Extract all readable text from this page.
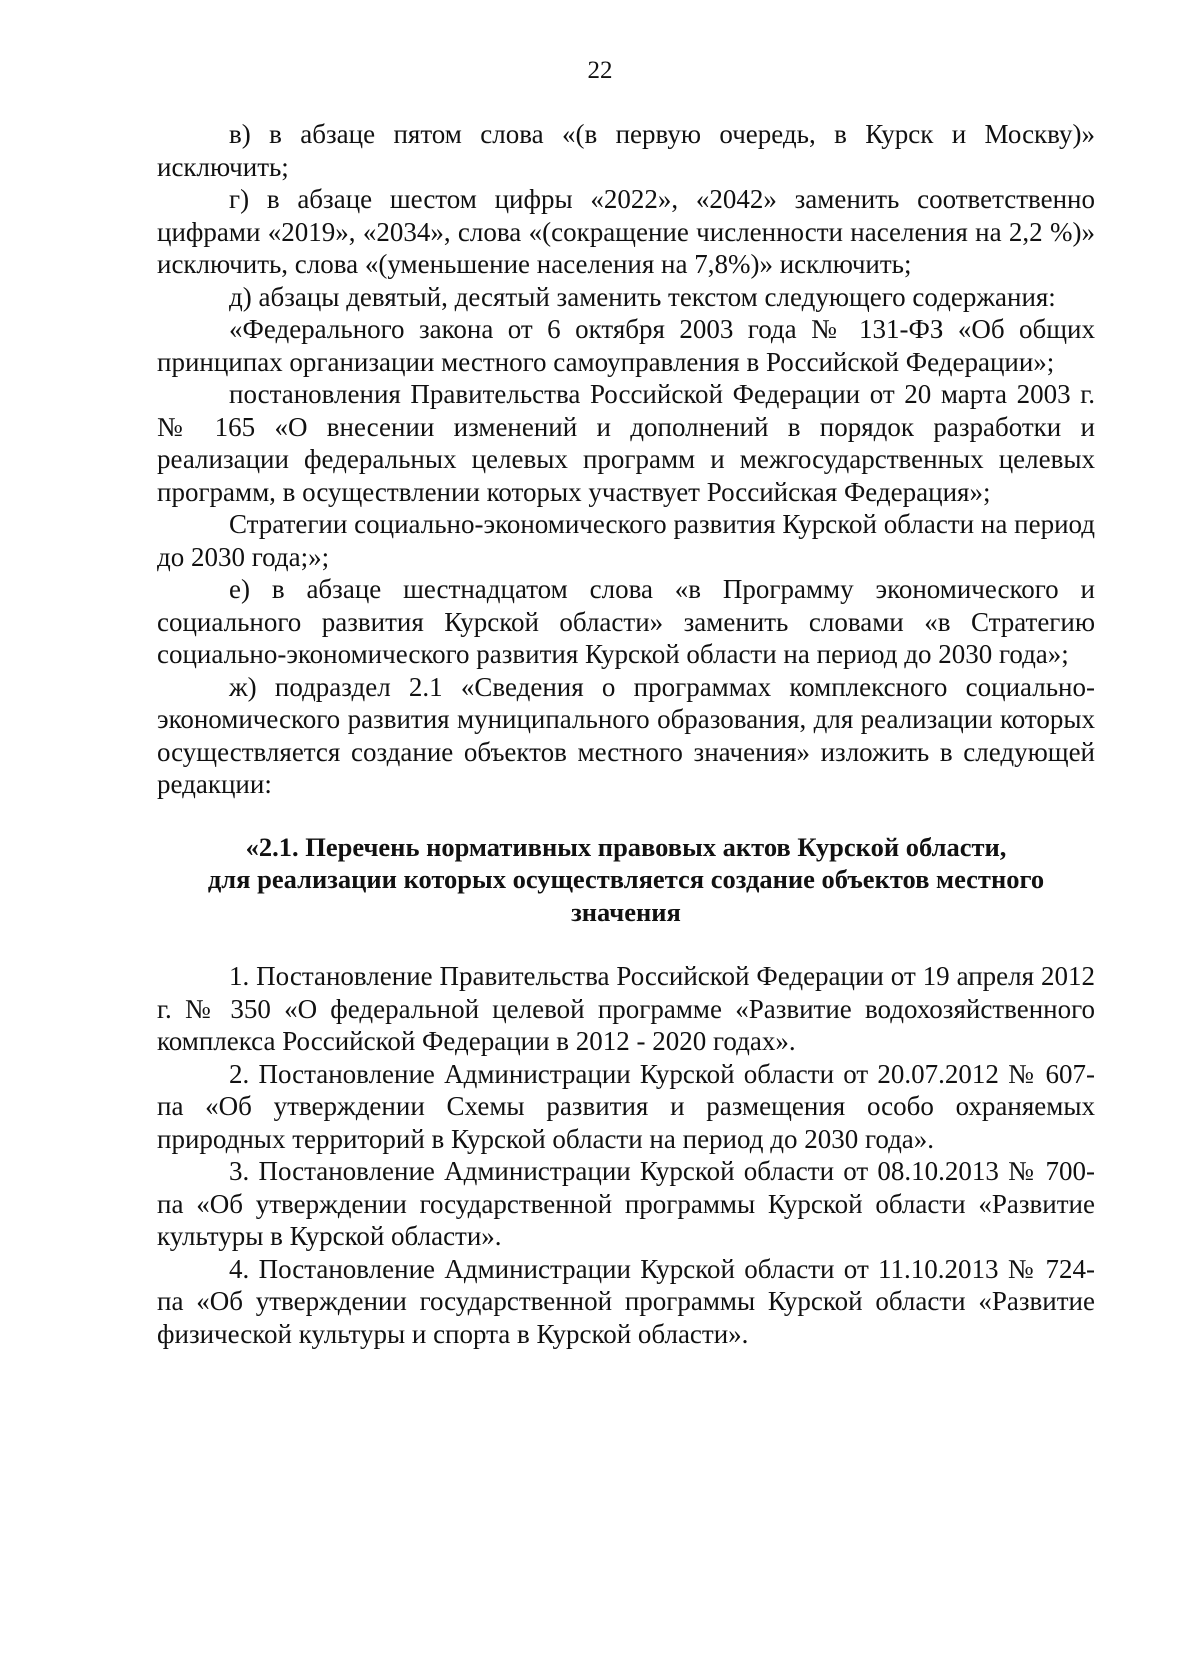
22

в) в абзаце пятом слова «(в первую очередь, в Курск и Москву)» исключить;

г) в абзаце шестом цифры «2022», «2042» заменить соответственно цифрами «2019», «2034», слова «(сокращение численности населения на 2,2 %)» исключить, слова «(уменьшение населения на 7,8%)» исключить;

д) абзацы девятый, десятый заменить текстом следующего содержания:

«Федерального закона от 6 октября 2003 года № 131-ФЗ «Об общих принципах организации местного самоуправления в Российской Федерации»;

постановления Правительства Российской Федерации от 20 марта 2003 г. № 165 «О внесении изменений и дополнений в порядок разработки и реализации федеральных целевых программ и межгосударственных целевых программ, в осуществлении которых участвует Российская Федерация»;

Стратегии социально-экономического развития Курской области на период до 2030 года;»;

е) в абзаце шестнадцатом слова «в Программу экономического и социального развития Курской области» заменить словами «в Стратегию социально-экономического развития Курской области на период до 2030 года»;

ж) подраздел 2.1 «Сведения о программах комплексного социально-экономического развития муниципального образования, для реализации которых осуществляется создание объектов местного значения» изложить в следующей редакции:

«2.1. Перечень нормативных правовых актов Курской области,
для реализации которых осуществляется создание объектов местного
значения

1. Постановление Правительства Российской Федерации от 19 апреля 2012 г. № 350 «О федеральной целевой программе «Развитие водохозяйственного комплекса Российской Федерации в 2012 - 2020 годах».

2. Постановление Администрации Курской области от 20.07.2012 № 607-па «Об утверждении Схемы развития и размещения особо охраняемых природных территорий в Курской области на период до 2030 года».

3. Постановление Администрации Курской области от 08.10.2013 № 700-па «Об утверждении государственной программы Курской области «Развитие культуры в Курской области».

4. Постановление Администрации Курской области от 11.10.2013 № 724-па «Об утверждении государственной программы Курской области «Развитие физической культуры и спорта в Курской области».
